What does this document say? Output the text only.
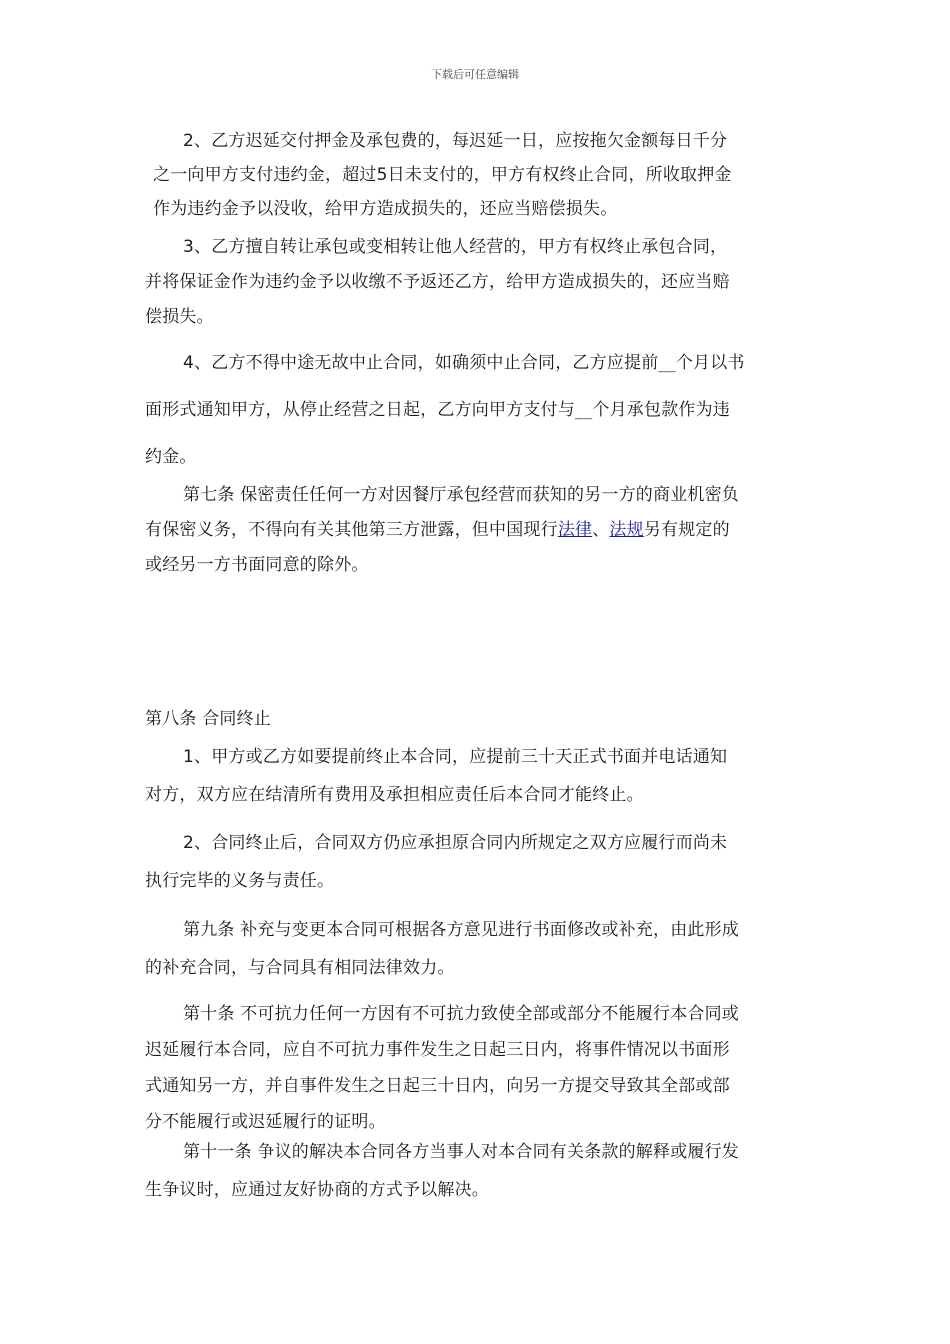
下载后可任意编辑
2、乙方迟延交付押金及承包费的，每迟延一日，应按拖欠金额每日千分
之一向甲方支付违约金，超过5日未支付的，甲方有权终止合同，所收取押金
作为违约金予以没收，给甲方造成损失的，还应当赔偿损失。
3、乙方擅自转让承包或变相转让他人经营的，甲方有权终止承包合同，
并将保证金作为违约金予以收缴不予返还乙方，给甲方造成损失的，还应当赔
偿损失。
4、乙方不得中途无故中止合同，如确须中止合同，乙方应提前__个月以书
面形式通知甲方，从停止经营之日起，乙方向甲方支付与__个月承包款作为违
约金。
第七条 保密责任任何一方对因餐厅承包经营而获知的另一方的商业机密负
有保密义务，不得向有关其他第三方泄露，但中国现行法律、法规另有规定的
或经另一方书面同意的除外。
第八条 合同终止
1、甲方或乙方如要提前终止本合同，应提前三十天正式书面并电话通知
对方，双方应在结清所有费用及承担相应责任后本合同才能终止。
2、合同终止后，合同双方仍应承担原合同内所规定之双方应履行而尚未
执行完毕的义务与责任。
第九条 补充与变更本合同可根据各方意见进行书面修改或补充，由此形成
的补充合同，与合同具有相同法律效力。
第十条 不可抗力任何一方因有不可抗力致使全部或部分不能履行本合同或
迟延履行本合同，应自不可抗力事件发生之日起三日内，将事件情况以书面形
式通知另一方，并自事件发生之日起三十日内，向另一方提交导致其全部或部
分不能履行或迟延履行的证明。
第十一条 争议的解决本合同各方当事人对本合同有关条款的解释或履行发
生争议时，应通过友好协商的方式予以解决。
